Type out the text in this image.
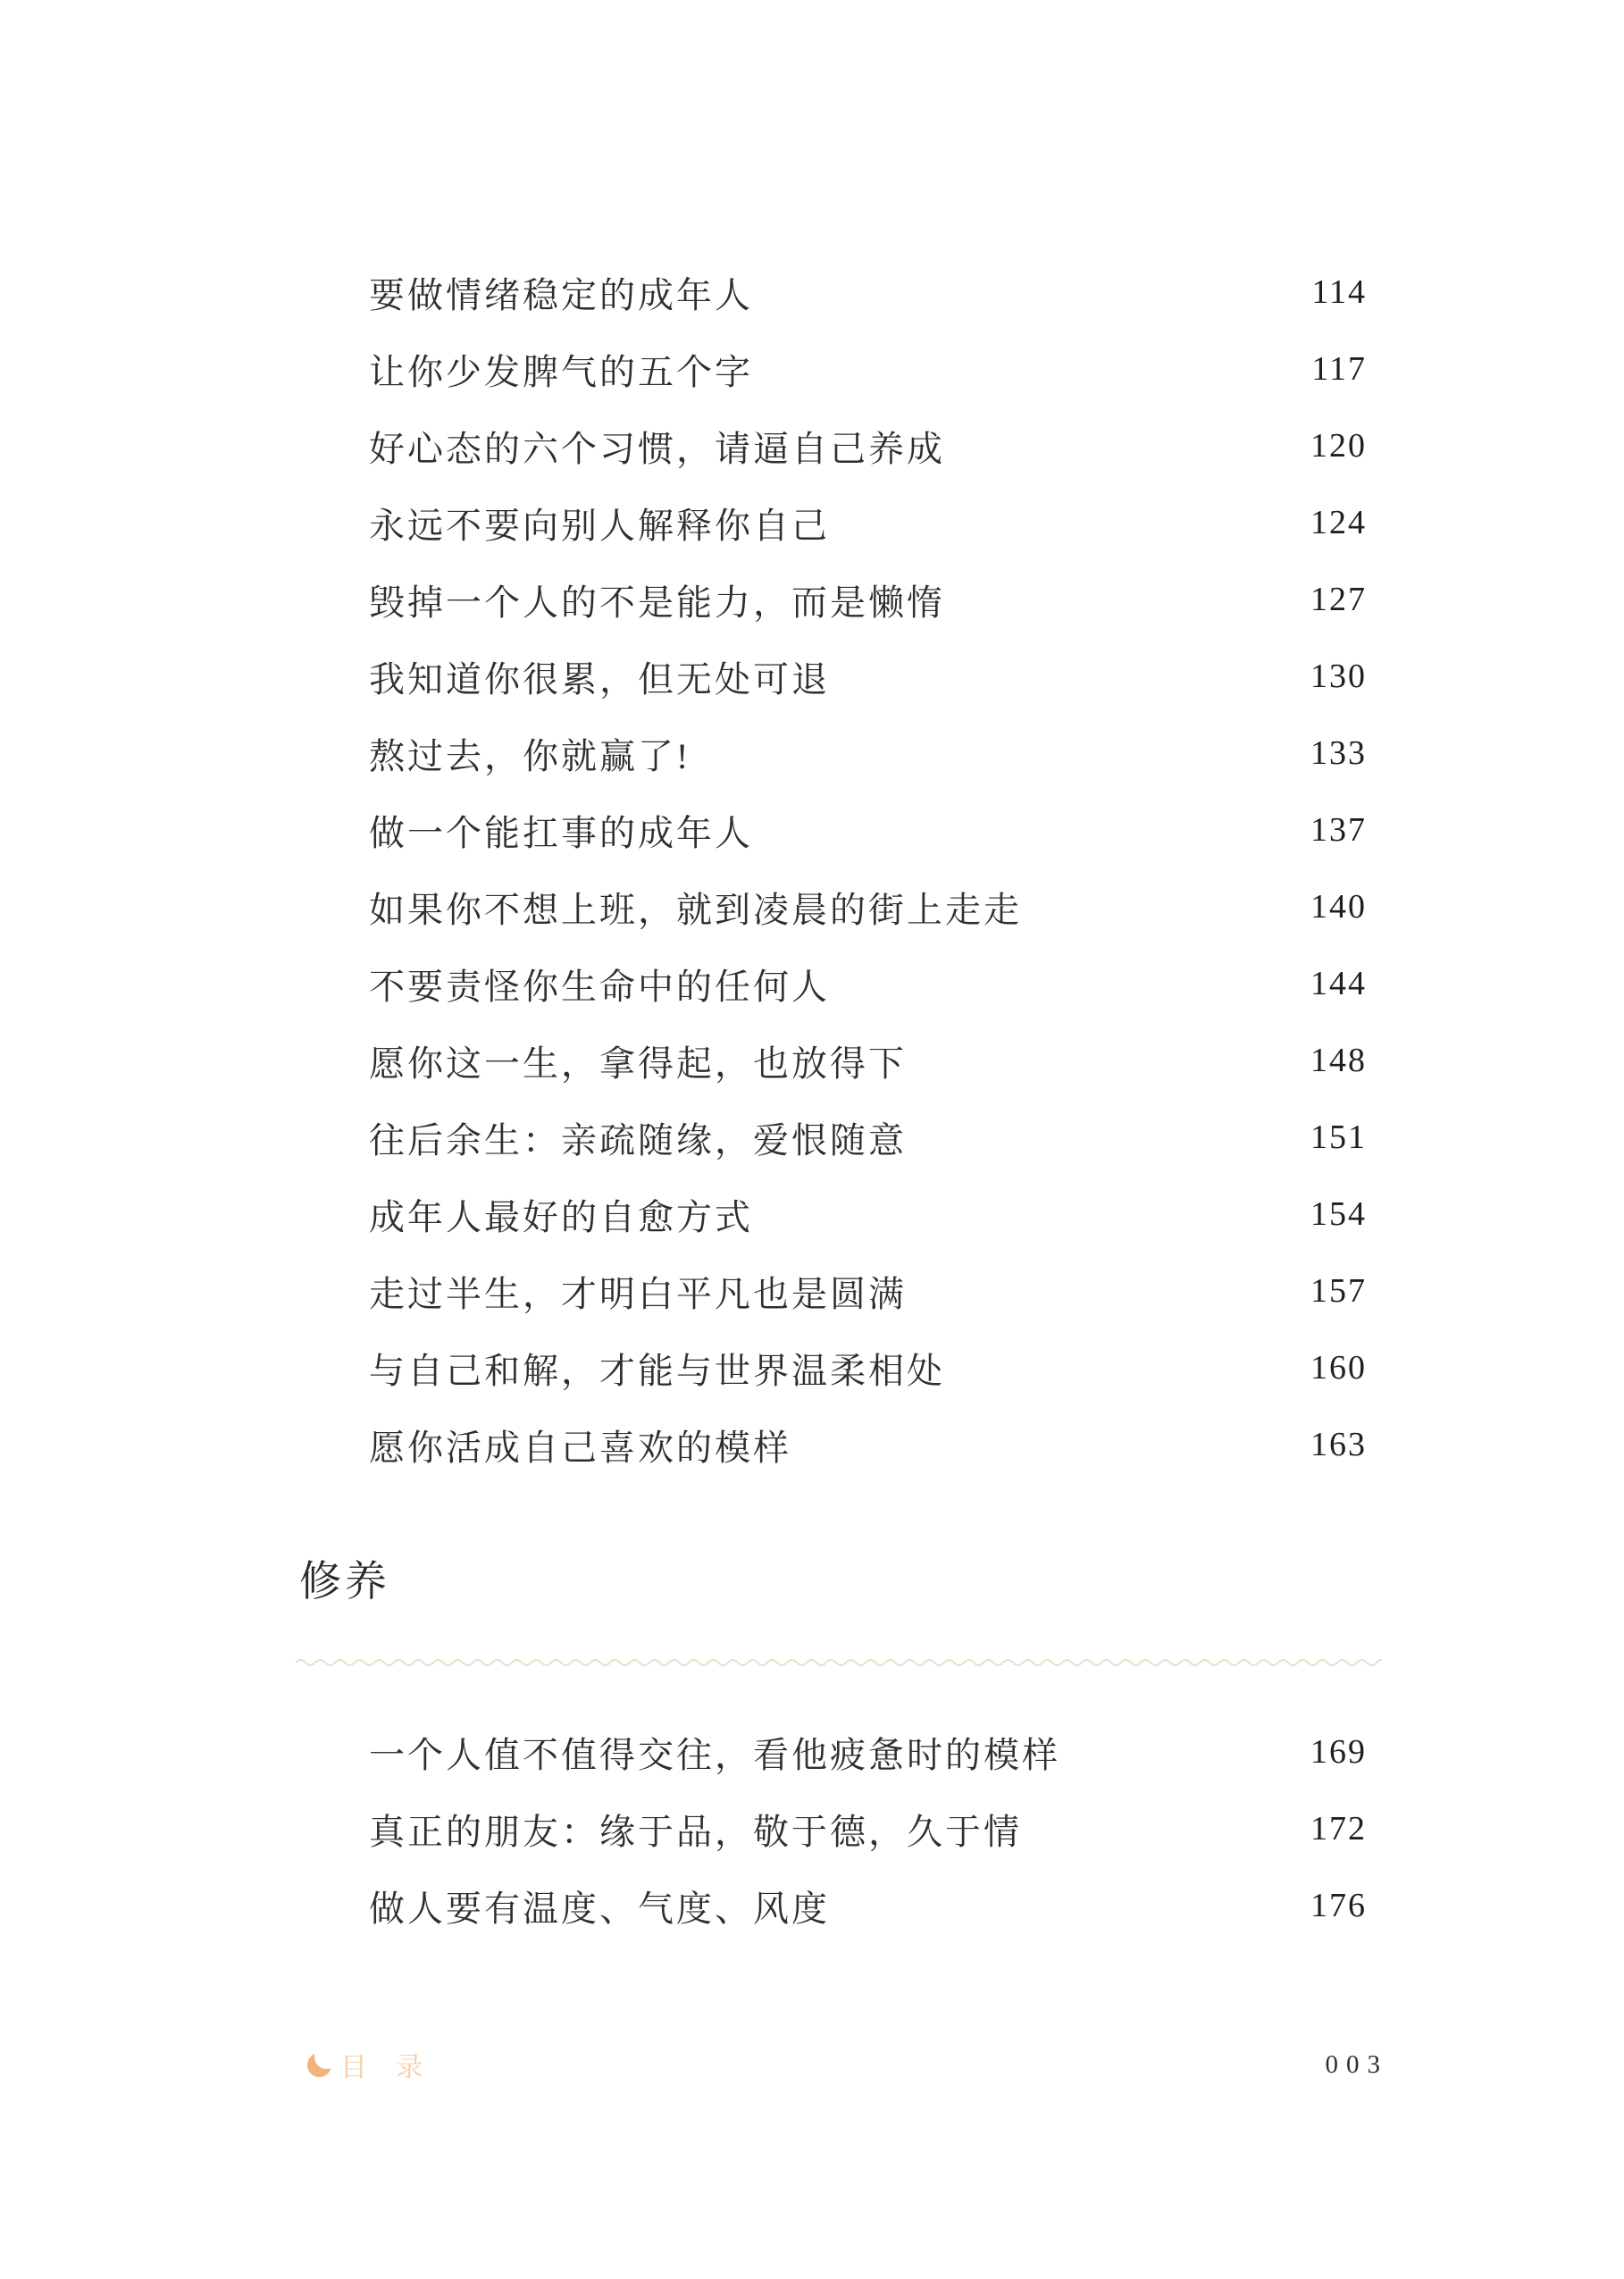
要做情绪稳定的成年人	114
让你少发脾气的五个字	117
好心态的六个习惯，请逼自己养成	120
永远不要向别人解释你自己	124
毁掉一个人的不是能力，而是懒惰	127
我知道你很累，但无处可退	130
熬过去，你就赢了!	133
做一个能扛事的成年人	137
如果你不想上班，就到凌晨的街上走走	140
不要责怪你生命中的任何人	144
愿你这一生，拿得起，也放得下	148
往后余生：亲疏随缘，爱恨随意	151
成年人最好的自愈方式	154
走过半生，才明白平凡也是圆满	157
与自己和解，才能与世界温柔相处	160
愿你活成自己喜欢的模样	163
修养
一个人值不值得交往，看他疲惫时的模样	169
真正的朋友：缘于品，敬于德，久于情	172
做人要有温度、气度、风度	176
目 录	003
